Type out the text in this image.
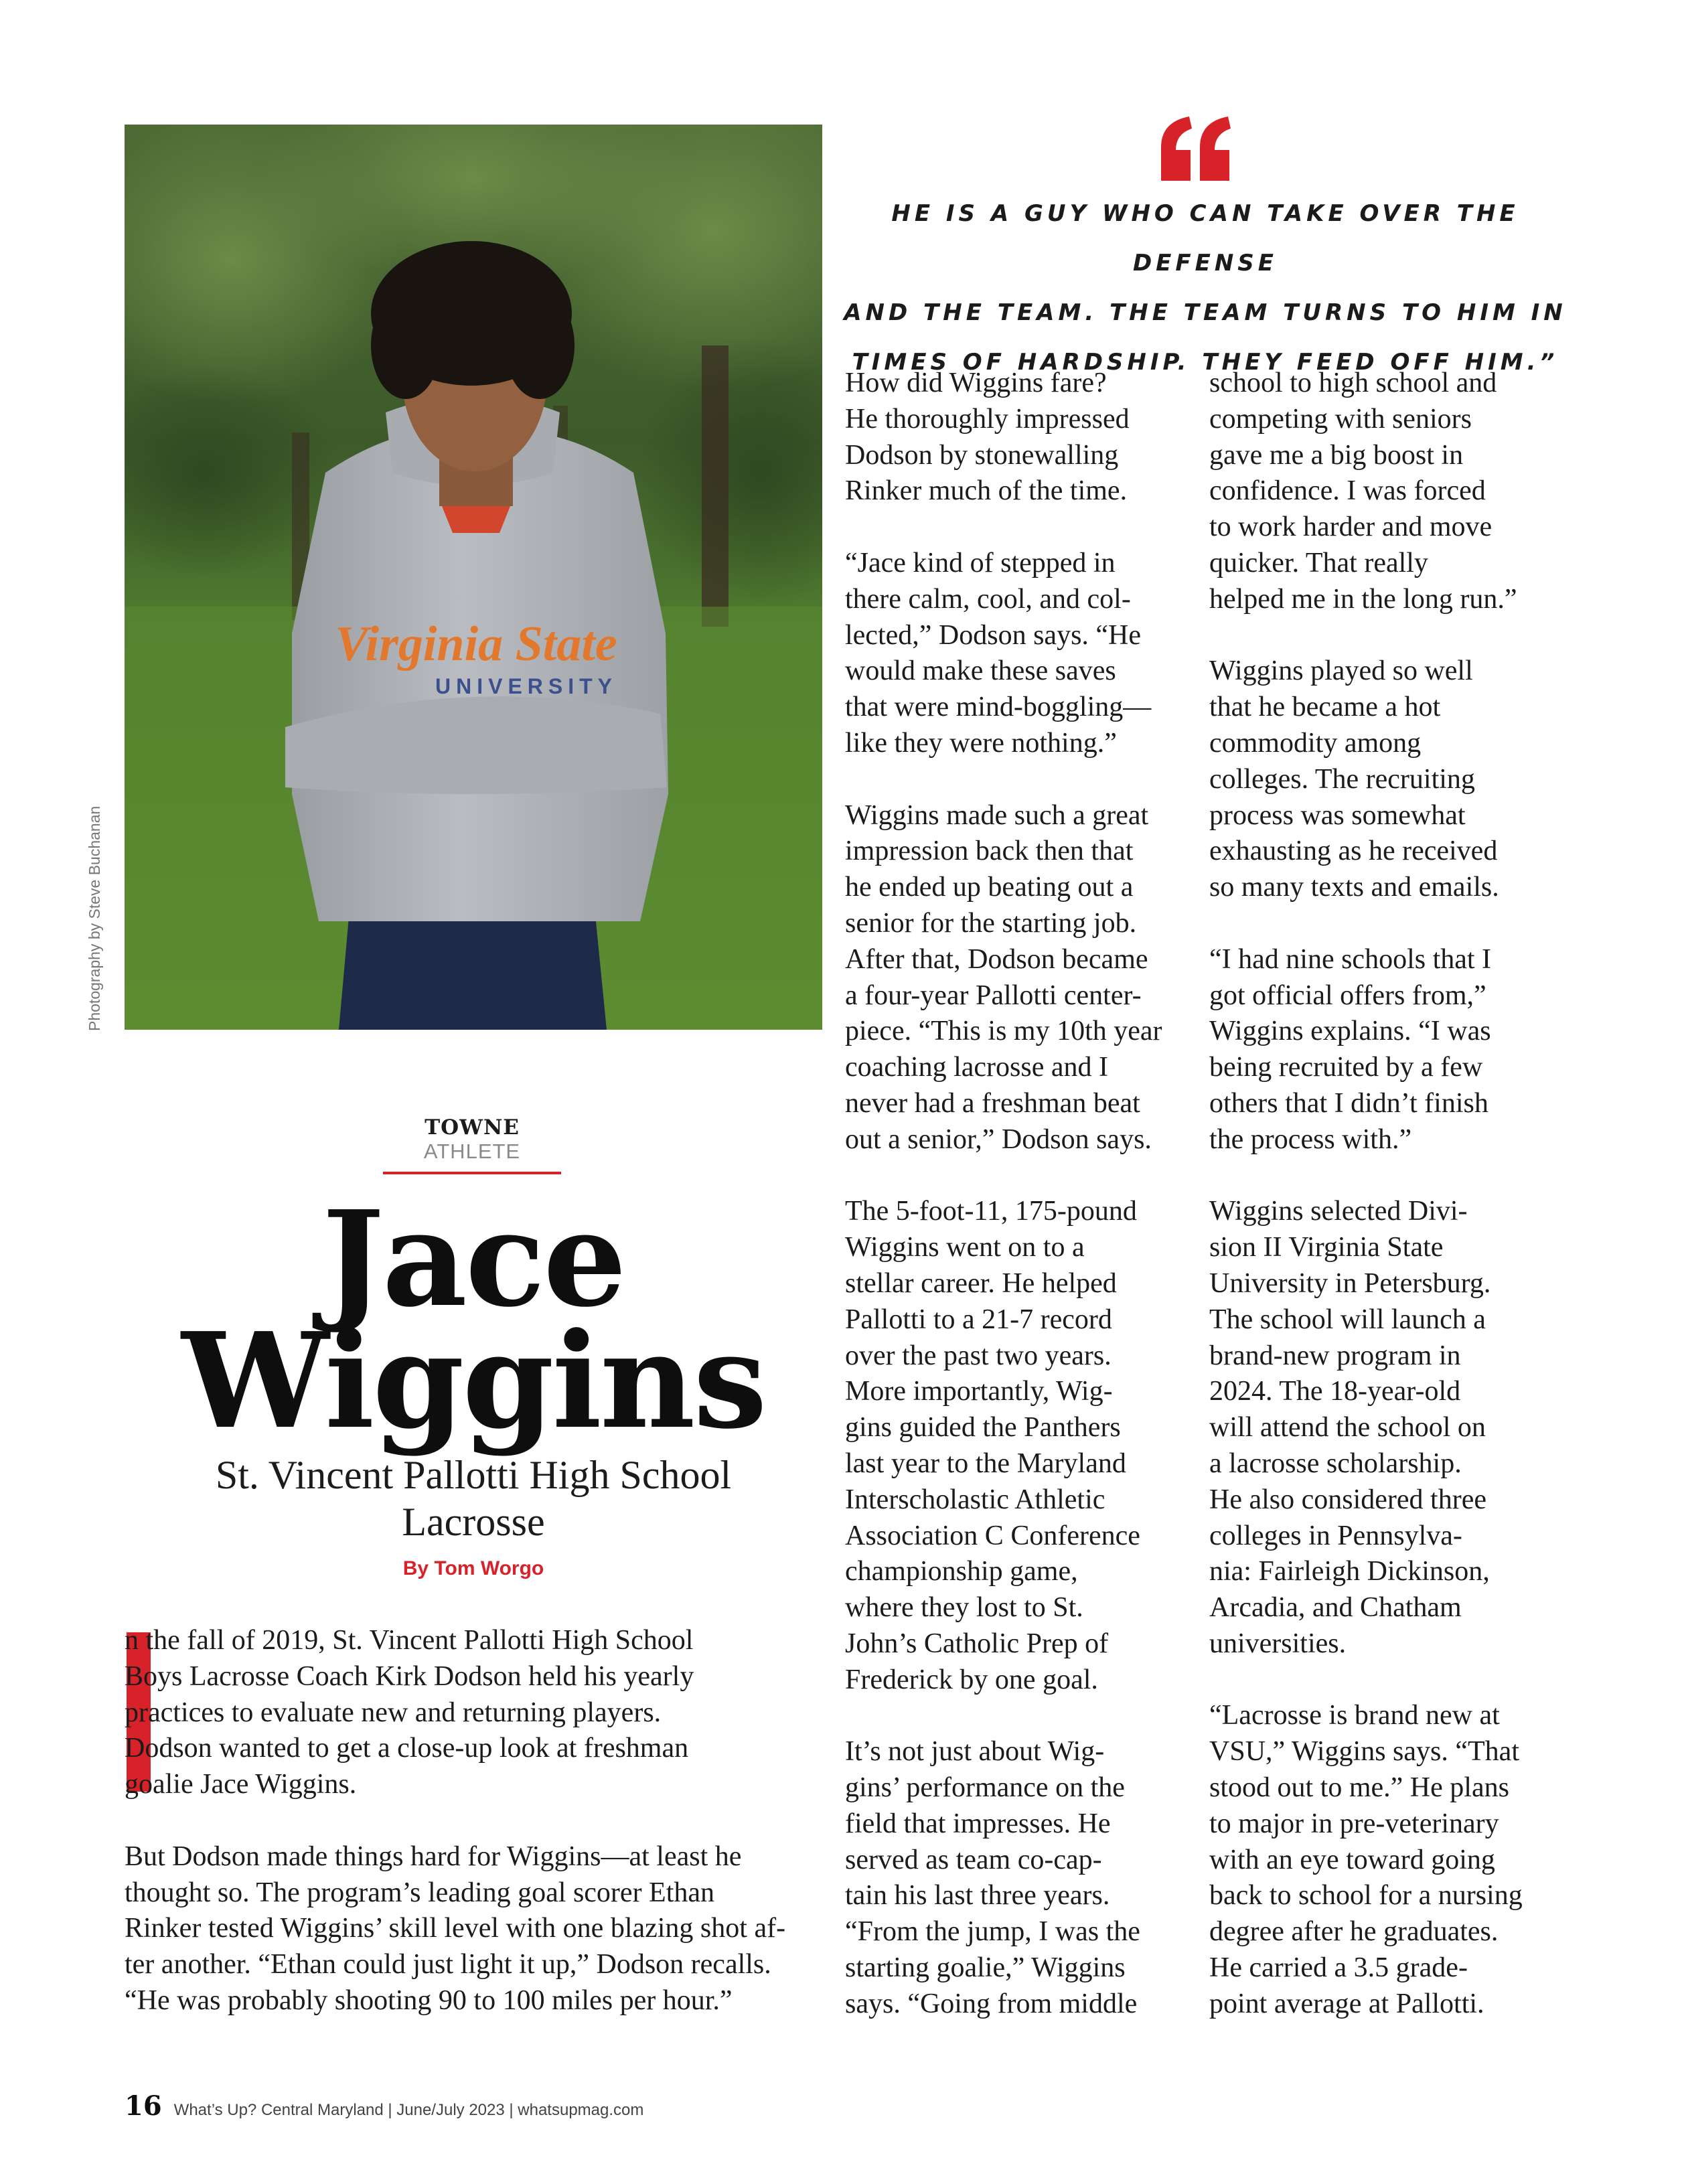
Virginia State
UNIVERSITY
Photography by Steve Buchanan
TOWNE ATHLETE
Jace
Wiggins
St. Vincent Pallotti High School
Lacrosse
By Tom Worgo
HE IS A GUY WHO CAN TAKE OVER THE DEFENSE
AND THE TEAM. THE TEAM TURNS TO HIM IN
TIMES OF HARDSHIP. THEY FEED OFF HIM.”
n the fall of 2019, St. Vincent Pallotti High School
Boys Lacrosse Coach Kirk Dodson held his yearly
practices to evaluate new and returning players.
Dodson wanted to get a close-up look at freshman
goalie Jace Wiggins.
But Dodson made things hard for Wiggins—at least he
thought so. The program’s leading goal scorer Ethan
Rinker tested Wiggins’ skill level with one blazing shot af-
ter another. “Ethan could just light it up,” Dodson recalls.
“He was probably shooting 90 to 100 miles per hour.”
How did Wiggins fare?
He thoroughly impressed
Dodson by stonewalling
Rinker much of the time.
“Jace kind of stepped in
there calm, cool, and col-
lected,” Dodson says. “He
would make these saves
that were mind-boggling—
like they were nothing.”
Wiggins made such a great
impression back then that
he ended up beating out a
senior for the starting job.
After that, Dodson became
a four-year Pallotti center-
piece. “This is my 10th year
coaching lacrosse and I
never had a freshman beat
out a senior,” Dodson says.
The 5-foot-11, 175-pound
Wiggins went on to a
stellar career. He helped
Pallotti to a 21-7 record
over the past two years.
More importantly, Wig-
gins guided the Panthers
last year to the Maryland
Interscholastic Athletic
Association C Conference
championship game,
where they lost to St.
John’s Catholic Prep of
Frederick by one goal.
It’s not just about Wig-
gins’ performance on the
field that impresses. He
served as team co-cap-
tain his last three years.
“From the jump, I was the
starting goalie,” Wiggins
says. “Going from middle
school to high school and
competing with seniors
gave me a big boost in
confidence. I was forced
to work harder and move
quicker. That really
helped me in the long run.”
Wiggins played so well
that he became a hot
commodity among
colleges. The recruiting
process was somewhat
exhausting as he received
so many texts and emails.
“I had nine schools that I
got official offers from,”
Wiggins explains. “I was
being recruited by a few
others that I didn’t finish
the process with.”
Wiggins selected Divi-
sion II Virginia State
University in Petersburg.
The school will launch a
brand-new program in
2024. The 18-year-old
will attend the school on
a lacrosse scholarship.
He also considered three
colleges in Pennsylva-
nia: Fairleigh Dickinson,
Arcadia, and Chatham
universities.
“Lacrosse is brand new at
VSU,” Wiggins says. “That
stood out to me.” He plans
to major in pre-veterinary
with an eye toward going
back to school for a nursing
degree after he graduates.
He carried a 3.5 grade-
point average at Pallotti.
16 What’s Up? Central Maryland | June/July 2023 | whatsupmag.com
